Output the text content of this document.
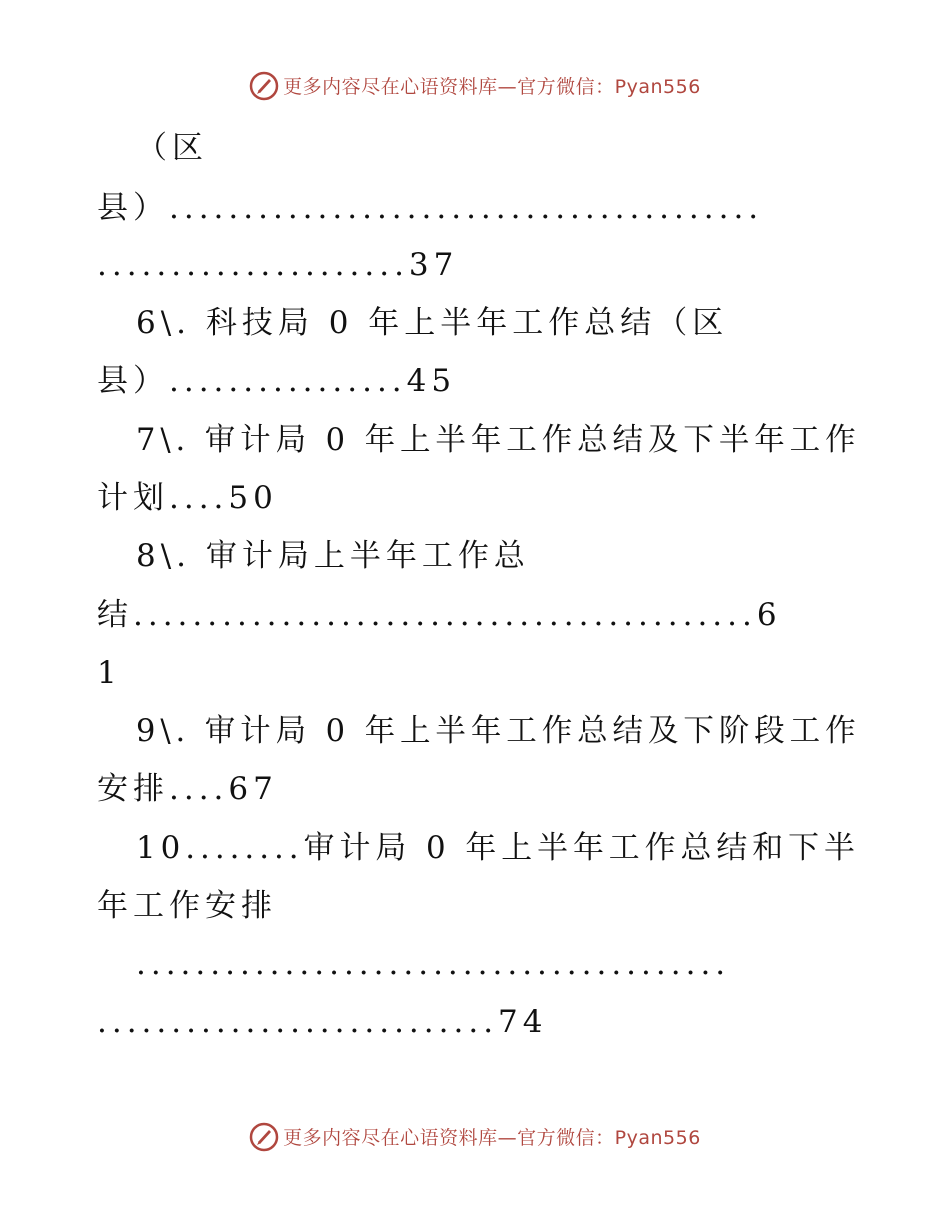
更多内容尽在心语资料库—官方微信：Pyan556
（区
县）........................................
.....................37
6\. 科技局 0 年上半年工作总结（区
县）................45
7\. 审计局 0 年上半年工作总结及下半年工作
计划....50
8\. 审计局上半年工作总
结..........................................6
1
9\. 审计局 0 年上半年工作总结及下阶段工作
安排....67
10........审计局 0 年上半年工作总结和下半
年工作安排
........................................
...........................74
更多内容尽在心语资料库—官方微信：Pyan556
